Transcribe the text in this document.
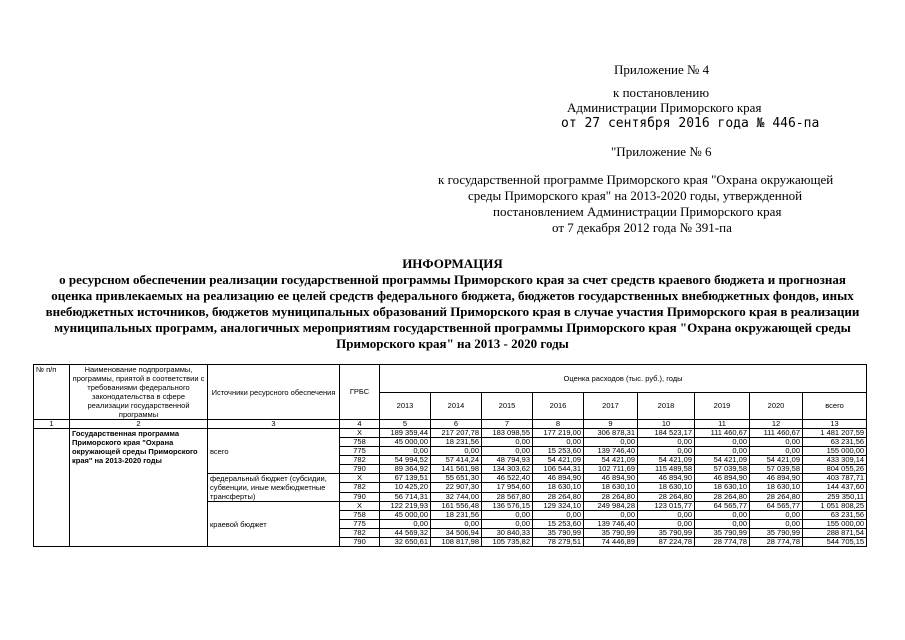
Приложение № 4
к постановлению
Администрации Приморского края
от 27 сентября 2016 года № 446-па
"Приложение № 6
к государственной программе Приморского края "Охрана окружающей
среды Приморского края" на 2013-2020 годы, утвержденной
постановлением Администрации Приморского края
от 7 декабря 2012 года № 391-па
ИНФОРМАЦИЯ
о ресурсном обеспечении реализации государственной программы Приморского края за счет средств краевого бюджета и прогнозная
оценка привлекаемых на реализацию ее целей средств федерального бюджета, бюджетов государственных внебюджетных фондов, иных
внебюджетных источников, бюджетов муниципальных образований Приморского края в случае участия Приморского края в реализации
муниципальных программ, аналогичных мероприятиям государственной программы Приморского края "Охрана окружающей среды
Приморского края" на 2013 - 2020 годы
№ п/п	Наименование подпрограммы, программы, приятой в соответствии с требованиями федерального законодательства в сфере реализации государственной программы	Источники ресурсного обеспечения	ГРБС	Оценка расходов (тыс. руб.), годы								
				2013	2014	2015	2016	2017	2018	2019	2020	всего
1	2	3	4	5	6	7	8	9	10	11	12	13
	Государственная программа Приморского края "Охрана окружающей среды Приморского края" на 2013-2020 годы	всего	X	189 359,44	217 207,78	183 098,55	177 219,00	306 878,31	184 523,17	111 460,67	111 460,67	1 481 207,59
			758	45 000,00	18 231,56	0,00	0,00	0,00	0,00	0,00	0,00	63 231,56
			775	0,00	0,00	0,00	15 253,60	139 746,40	0,00	0,00	0,00	155 000,00
			782	54 994,52	57 414,24	48 794,93	54 421,09	54 421,09	54 421,09	54 421,09	54 421,09	433 309,14
			790	89 364,92	141 561,98	134 303,62	106 544,31	102 711,69	115 489,58	57 039,58	57 039,58	804 055,26
		федеральный бюджет (субсидии, субвенции, иные межбюджетные трансферты)	X	67 139,51	55 651,30	46 522,40	46 894,90	46 894,90	46 894,90	46 894,90	46 894,90	403 787,71
			782	10 425,20	22 907,30	17 954,60	18 630,10	18 630,10	18 630,10	18 630,10	18 630,10	144 437,60
			790	56 714,31	32 744,00	28 567,80	28 264,80	28 264,80	28 264,80	28 264,80	28 264,80	259 350,11
		краевой бюджет	X	122 219,93	161 556,48	136 576,15	129 324,10	249 984,28	123 015,77	64 565,77	64 565,77	1 051 808,25
			758	45 000,00	18 231,56	0,00	0,00	0,00	0,00	0,00	0,00	63 231,56
			775	0,00	0,00	0,00	15 253,60	139 746,40	0,00	0,00	0,00	155 000,00
			782	44 569,32	34 506,94	30 840,33	35 790,99	35 790,99	35 790,99	35 790,99	35 790,99	288 871,54
			790	32 650,61	108 817,98	105 735,82	78 279,51	74 446,89	87 224,78	28 774,78	28 774,78	544 705,15
